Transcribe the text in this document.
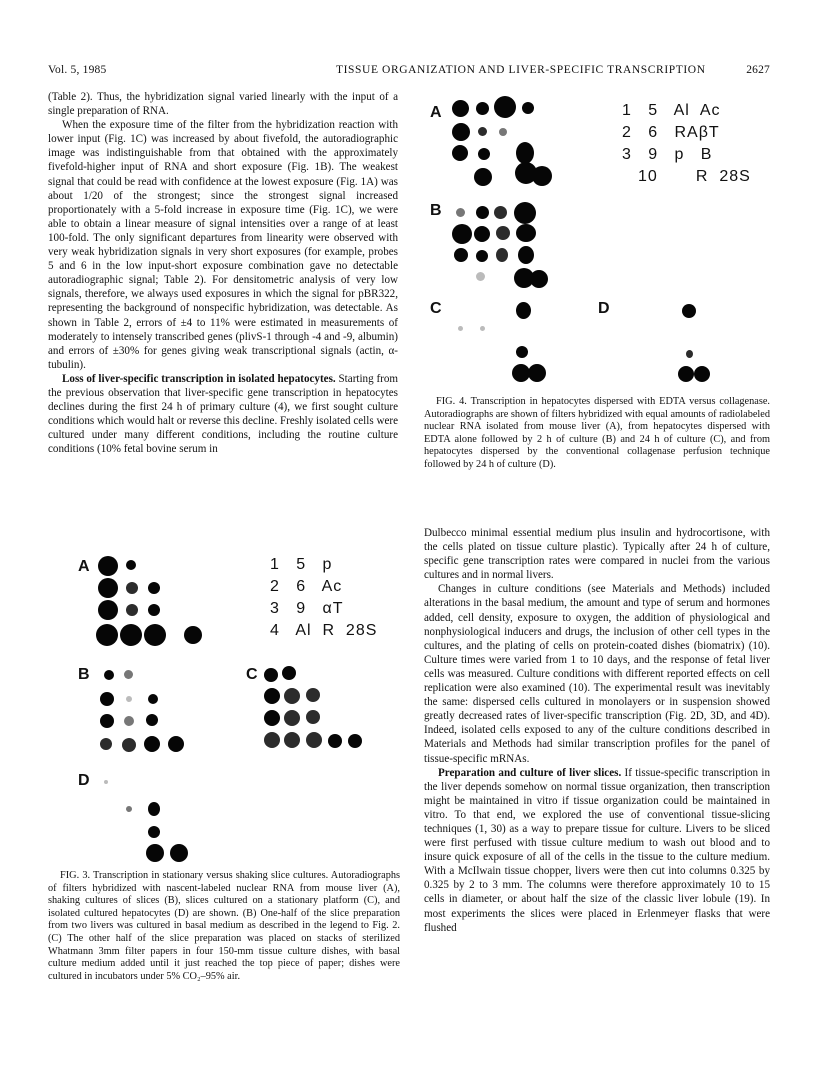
Vol. 5, 1985	TISSUE ORGANIZATION AND LIVER-SPECIFIC TRANSCRIPTION	2627

(Table 2). Thus, the hybridization signal varied linearly with the input of a single preparation of RNA.

When the exposure time of the filter from the hybridization reaction with lower input (Fig. 1C) was increased by about fivefold, the autoradiographic image was indistinguishable from that obtained with the approximately fivefold-higher input of RNA and short exposure (Fig. 1B). The weakest signal that could be read with confidence at the lowest exposure (Fig. 1A) was about 1/20 of the strongest; since the strongest signal increased proportionately with a 5-fold increase in exposure time (Fig. 1C), we were able to obtain a linear measure of signal intensities over a range of at least 100-fold. The only significant departures from linearity were observed with very weak hybridization signals in very short exposures (for example, probes 5 and 6 in the low input-short exposure combination gave no detectable autoradiographic signal; Table 2). For densitometric analysis of very low signals, therefore, we always used exposures in which the signal for pBR322, representing the background of nonspecific hybridization, was detectable. As shown in Table 2, errors of ±4 to 11% were estimated in measurements of moderately to intensely transcribed genes (plivS-1 through -4 and -9, albumin) and errors of ±30% for genes giving weak transcriptional signals (actin, α-tubulin).

Loss of liver-specific transcription in isolated hepatocytes. Starting from the previous observation that liver-specific gene transcription in hepatocytes declines during the first 24 h of primary culture (4), we first sought culture conditions which would halt or reverse this decline. Freshly isolated cells were cultured under many different conditions, including the routine culture conditions (10% fetal bovine serum in

A
B
C	D
1   5   Al  Ac
2   6   RAβT
3   9   p   B
10       R  28S

FIG. 4. Transcription in hepatocytes dispersed with EDTA versus collagenase. Autoradiographs are shown of filters hybridized with equal amounts of radiolabeled nuclear RNA isolated from mouse liver (A), from hepatocytes dispersed with EDTA alone followed by 2 h of culture (B) and 24 h of culture (C), and from hepatocytes dispersed by the conventional collagenase perfusion technique followed by 24 h of culture (D).

A
B	C
D
1   5   p
2   6   Ac
3   9   αT
4   Al  R  28S

FIG. 3. Transcription in stationary versus shaking slice cultures. Autoradiographs of filters hybridized with nascent-labeled nuclear RNA from mouse liver (A), shaking cultures of slices (B), slices cultured on a stationary platform (C), and isolated cultured hepatocytes (D) are shown. (B) One-half of the slice preparation from two livers was cultured in basal medium as described in the legend to Fig. 2. (C) The other half of the slice preparation was placed on stacks of sterilized Whatmann 3mm filter papers in four 150-mm tissue culture dishes, with basal culture medium added until it just reached the top piece of paper; dishes were cultured in incubators under 5% CO₂–95% air.

Dulbecco minimal essential medium plus insulin and hydrocortisone, with the cells plated on tissue culture plastic). Typically after 24 h of culture, specific gene transcription rates were compared in nuclei from the various cultures and in normal livers.

Changes in culture conditions (see Materials and Methods) included alterations in the basal medium, the amount and type of serum and hormones added, cell density, exposure to oxygen, the addition of physiological and nonphysiological inducers and drugs, the inclusion of other cell types in the cultures, and the plating of cells on protein-coated dishes (biomatrix) (10). Culture times were varied from 1 to 10 days, and the response of fetal liver cells was measured. Culture conditions with different reported effects on cell replication were also examined (10). The experimental result was inevitably the same: dispersed cells cultured in monolayers or in suspension showed greatly decreased rates of liver-specific transcription (Fig. 2D, 3D, and 4D). Indeed, isolated cells exposed to any of the culture conditions described in Materials and Methods had similar transcription profiles for the panel of tissue-specific mRNAs.

Preparation and culture of liver slices. If tissue-specific transcription in the liver depends somehow on normal tissue organization, then transcription might be maintained in vitro if tissue organization could be maintained in vitro. To that end, we explored the use of conventional tissue-slicing techniques (1, 30) as a way to prepare tissue for culture. Livers to be sliced were first perfused with tissue culture medium to wash out blood and to insure quick exposure of all of the cells in the tissue to the culture medium. With a McIlwain tissue chopper, livers were then cut into columns 0.325 by 0.325 by 2 to 3 mm. The columns were therefore approximately 10 to 15 cells in diameter, or about half the size of the classic liver lobule (19). In most experiments the slices were placed in Erlenmeyer flasks that were flushed
